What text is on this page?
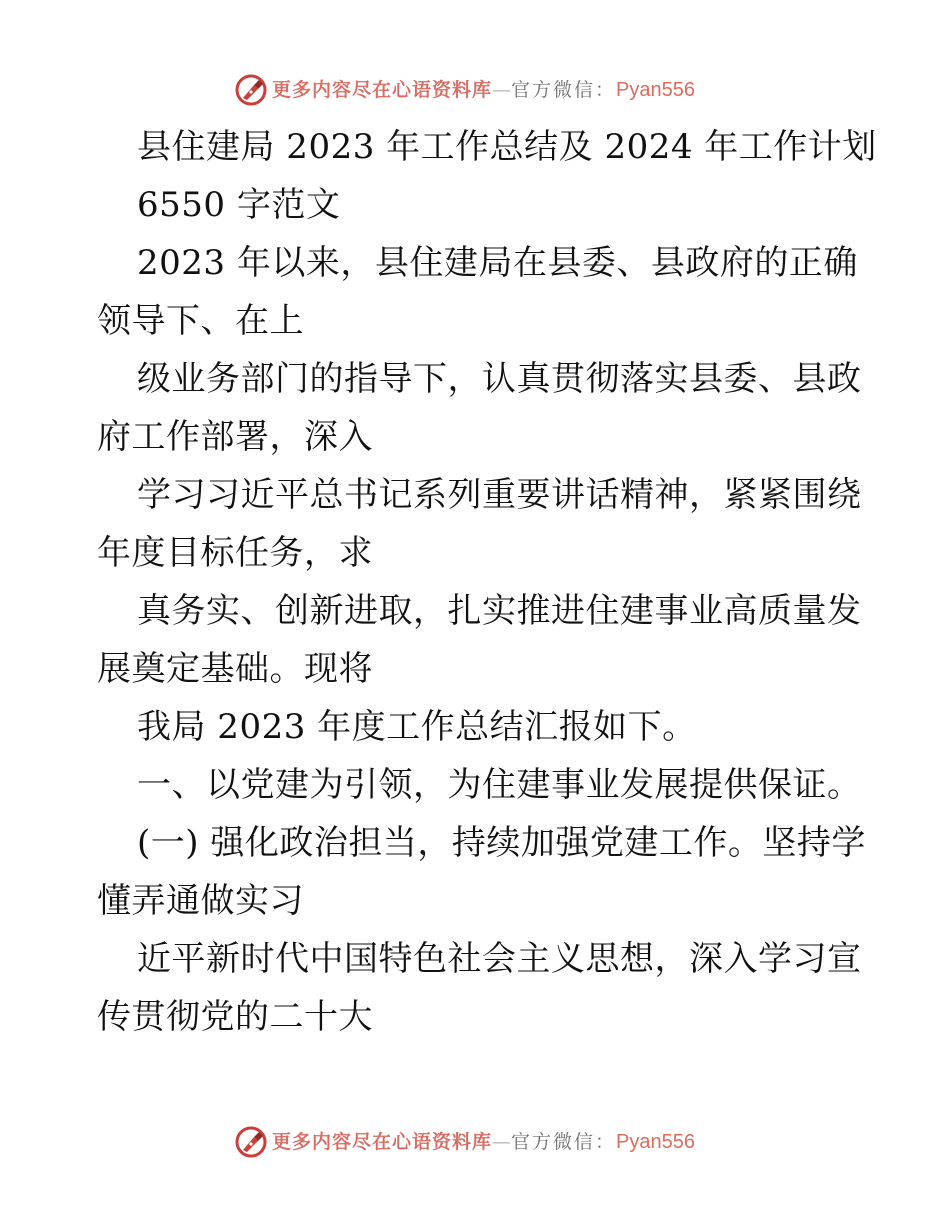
更多内容尽在心语资料库—官方微信：Pyan556
县住建局 2023 年工作总结及 2024 年工作计划
6550 字范文
2023 年以来，县住建局在县委、县政府的正确
领导下、在上
级业务部门的指导下，认真贯彻落实县委、县政
府工作部署，深入
学习习近平总书记系列重要讲话精神，紧紧围绕
年度目标任务，求
真务实、创新进取，扎实推进住建事业高质量发
展奠定基础。现将
我局 2023 年度工作总结汇报如下。
一、以党建为引领，为住建事业发展提供保证。
(一) 强化政治担当，持续加强党建工作。坚持学
懂弄通做实习
近平新时代中国特色社会主义思想，深入学习宣
传贯彻党的二十大
更多内容尽在心语资料库—官方微信：Pyan556
